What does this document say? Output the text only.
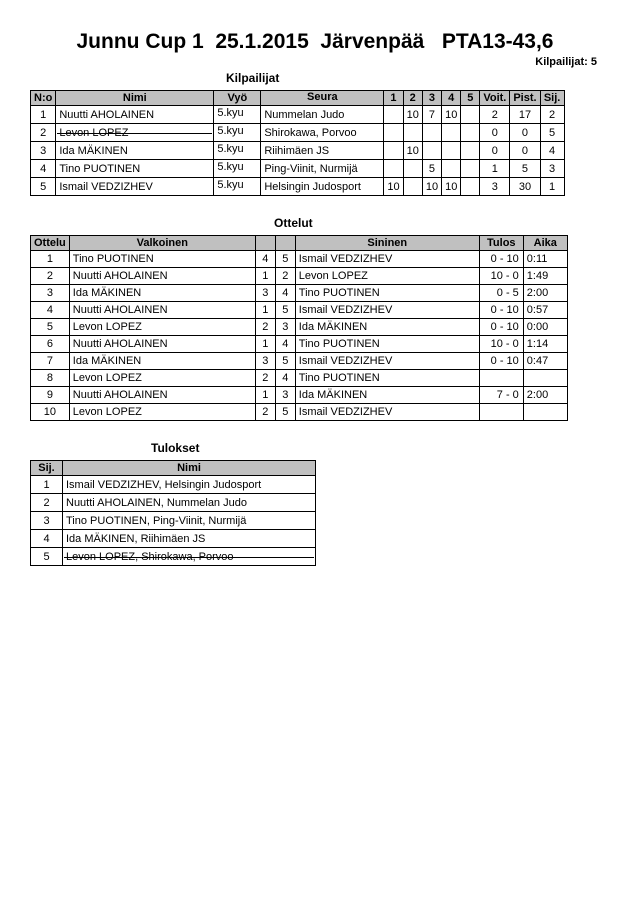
Junnu Cup 1  25.1.2015  Järvenpää   PTA13-43,6
Kilpailijat: 5
Kilpailijat
N:o	Nimi	Vyö	Seura	1	2	3	4	5	Voit.	Pist.	Sij.
1	Nuutti AHOLAINEN	5.kyu	Nummelan Judo		10	7	10		2	17	2
2	Levon LOPEZ	5.kyu	Shirokawa, Porvoo						0	0	5
3	Ida MÄKINEN	5.kyu	Riihimäen JS		10				0	0	4
4	Tino PUOTINEN	5.kyu	Ping-Viinit, Nurmijä			5			1	5	3
5	Ismail VEDZIZHEV	5.kyu	Helsingin Judosport	10		10	10		3	30	1
Ottelut
Ottelu	Valkoinen			Sininen	Tulos	Aika
1	Tino PUOTINEN	4	5	Ismail VEDZIZHEV	0 - 10	0:11
2	Nuutti AHOLAINEN	1	2	Levon LOPEZ	10 - 0	1:49
3	Ida MÄKINEN	3	4	Tino PUOTINEN	0 - 5	2:00
4	Nuutti AHOLAINEN	1	5	Ismail VEDZIZHEV	0 - 10	0:57
5	Levon LOPEZ	2	3	Ida MÄKINEN	0 - 10	0:00
6	Nuutti AHOLAINEN	1	4	Tino PUOTINEN	10 - 0	1:14
7	Ida MÄKINEN	3	5	Ismail VEDZIZHEV	0 - 10	0:47
8	Levon LOPEZ	2	4	Tino PUOTINEN		
9	Nuutti AHOLAINEN	1	3	Ida MÄKINEN	7 - 0	2:00
10	Levon LOPEZ	2	5	Ismail VEDZIZHEV		
Tulokset
Sij.	Nimi
1	Ismail VEDZIZHEV, Helsingin Judosport
2	Nuutti AHOLAINEN, Nummelan Judo
3	Tino PUOTINEN, Ping-Viinit, Nurmijä
4	Ida MÄKINEN, Riihimäen JS
5	Levon LOPEZ, Shirokawa, Porvoo
